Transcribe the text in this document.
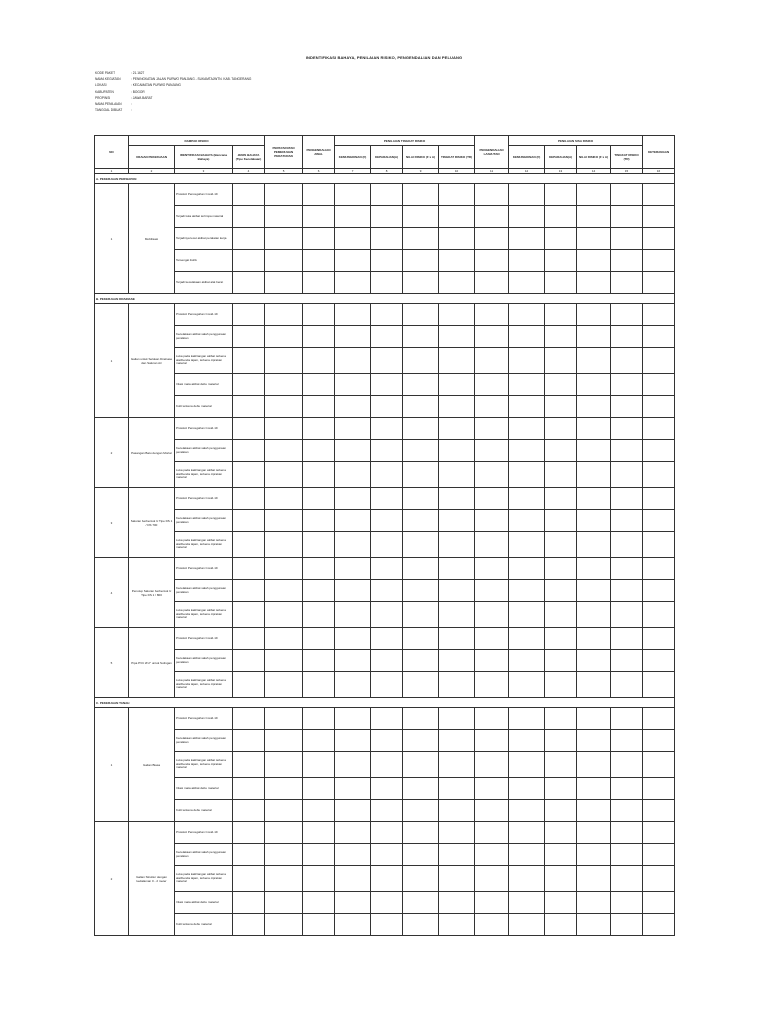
INDENTIFIKASI BAHAYA, PENILAIAN RISIKO, PENGENDALIAN DAN PELUANG
KODE PAKET	: 21.1627
NAMA KEGIATAN	: PENINGKATAN JALAN PURWO PANJANG - SUKAMTAJWTN. KAB. TANGERANG
LOKASI	: KECAMATAN PURWO PANJANG
KABUPATEN	: BOGOR
PROPINSI	: JAWA BARAT
NAMA PENILAIAN	:
TANGGAL DIBUAT	:
NO	DAMPAK RISIKO			PERSYARATAN PEMENUHAN PERATURAN	PENGENDALIAN AWAL	PENILAIAN TINGKAT RISIKO				PENGENDALIAN LANJUTAN	PENILAIAN SISA RISIKO				KETERANGAN
	URAIAN PEKERJAAN	IDENTIFIKASI BAHAYA (Bencana Bahaya)	JENIS BAHAYA (Tipe Kecelakaan)			KEMUNGKINAN (F)	KEPARAHAN(A)	NILAI RISIKO (F x A)	TINGKAT RISIKO (TR)		KEMUNGKINAN (F)	KEPARAHAN(A)	NILAI RISIKO (F x A)	TINGKAT RISIKO (TR)	
1	2	3	4	5	6	7	8	9	10	11	12	13	14	15	16
A. PEKERJAAN PERSIAPAN															
1	Mobilisasi	Protokol Pencegahan Covid-19													
		Terjadi luka akibat tertimpa material													
		Terjadinya lecet akibat peralatan kerja													
		Tersengat listrik													
		Terjadi kecelakaan akibat alat berat													
B. PEKERJAAN DRAINASE															
1	Galian untuk Selokan Drainase dan Saluran Air	Protokol Pencegahan Covid-19													
		Kecelakaan akibat salah penggunaan peralatan													
		Luka pada kaki/tangan akibat terkena alat/benda tajam, terkena ciprakan material													
		Iritasi mata akibat debu material													
		Kulit terkena debu material													
2	Pasangan Batu dengan Mortar	Protokol Pencegahan Covid-19													
		Kecelakaan akibat salah penggunaan peralatan													
		Luka pada kaki/tangan akibat terkena alat/benda tajam, terkena ciprakan material													
3	Saluran berbentuk U Tipe DS 1 / DS 700	Protokol Pencegahan Covid-19													
		Kecelakaan akibat salah penggunaan peralatan													
		Luka pada kaki/tangan akibat terkena alat/benda tajam, terkena ciprakan material													
4	Penutup Saluran berbentuk U Tipe DS 1 / 800	Protokol Pencegahan Covid-19													
		Kecelakaan akibat salah penggunaan peralatan													
		Luka pada kaki/tangan akibat terkena alat/benda tajam, terkena ciprakan material													
5	Pipa PVC Ø 2" untuk Sulingan	Protokol Pencegahan Covid-19													
		Kecelakaan akibat salah penggunaan peralatan													
		Luka pada kaki/tangan akibat terkena alat/benda tajam, terkena ciprakan material													
C. PEKERJAAN TANAH															
1	Galian Biasa	Protokol Pencegahan Covid-19													
		Kecelakaan akibat salah penggunaan peralatan													
		Luka pada kaki/tangan akibat terkena alat/benda tajam, terkena ciprakan material													
		Iritasi mata akibat debu material													
		Kulit terkena debu material													
2	Galian Struktur dengan kedalaman 0 - 2 meter	Protokol Pencegahan Covid-19													
		Kecelakaan akibat salah penggunaan peralatan													
		Luka pada kaki/tangan akibat terkena alat/benda tajam, terkena ciprakan material													
		Iritasi mata akibat debu material													
		Kulit terkena debu material													
